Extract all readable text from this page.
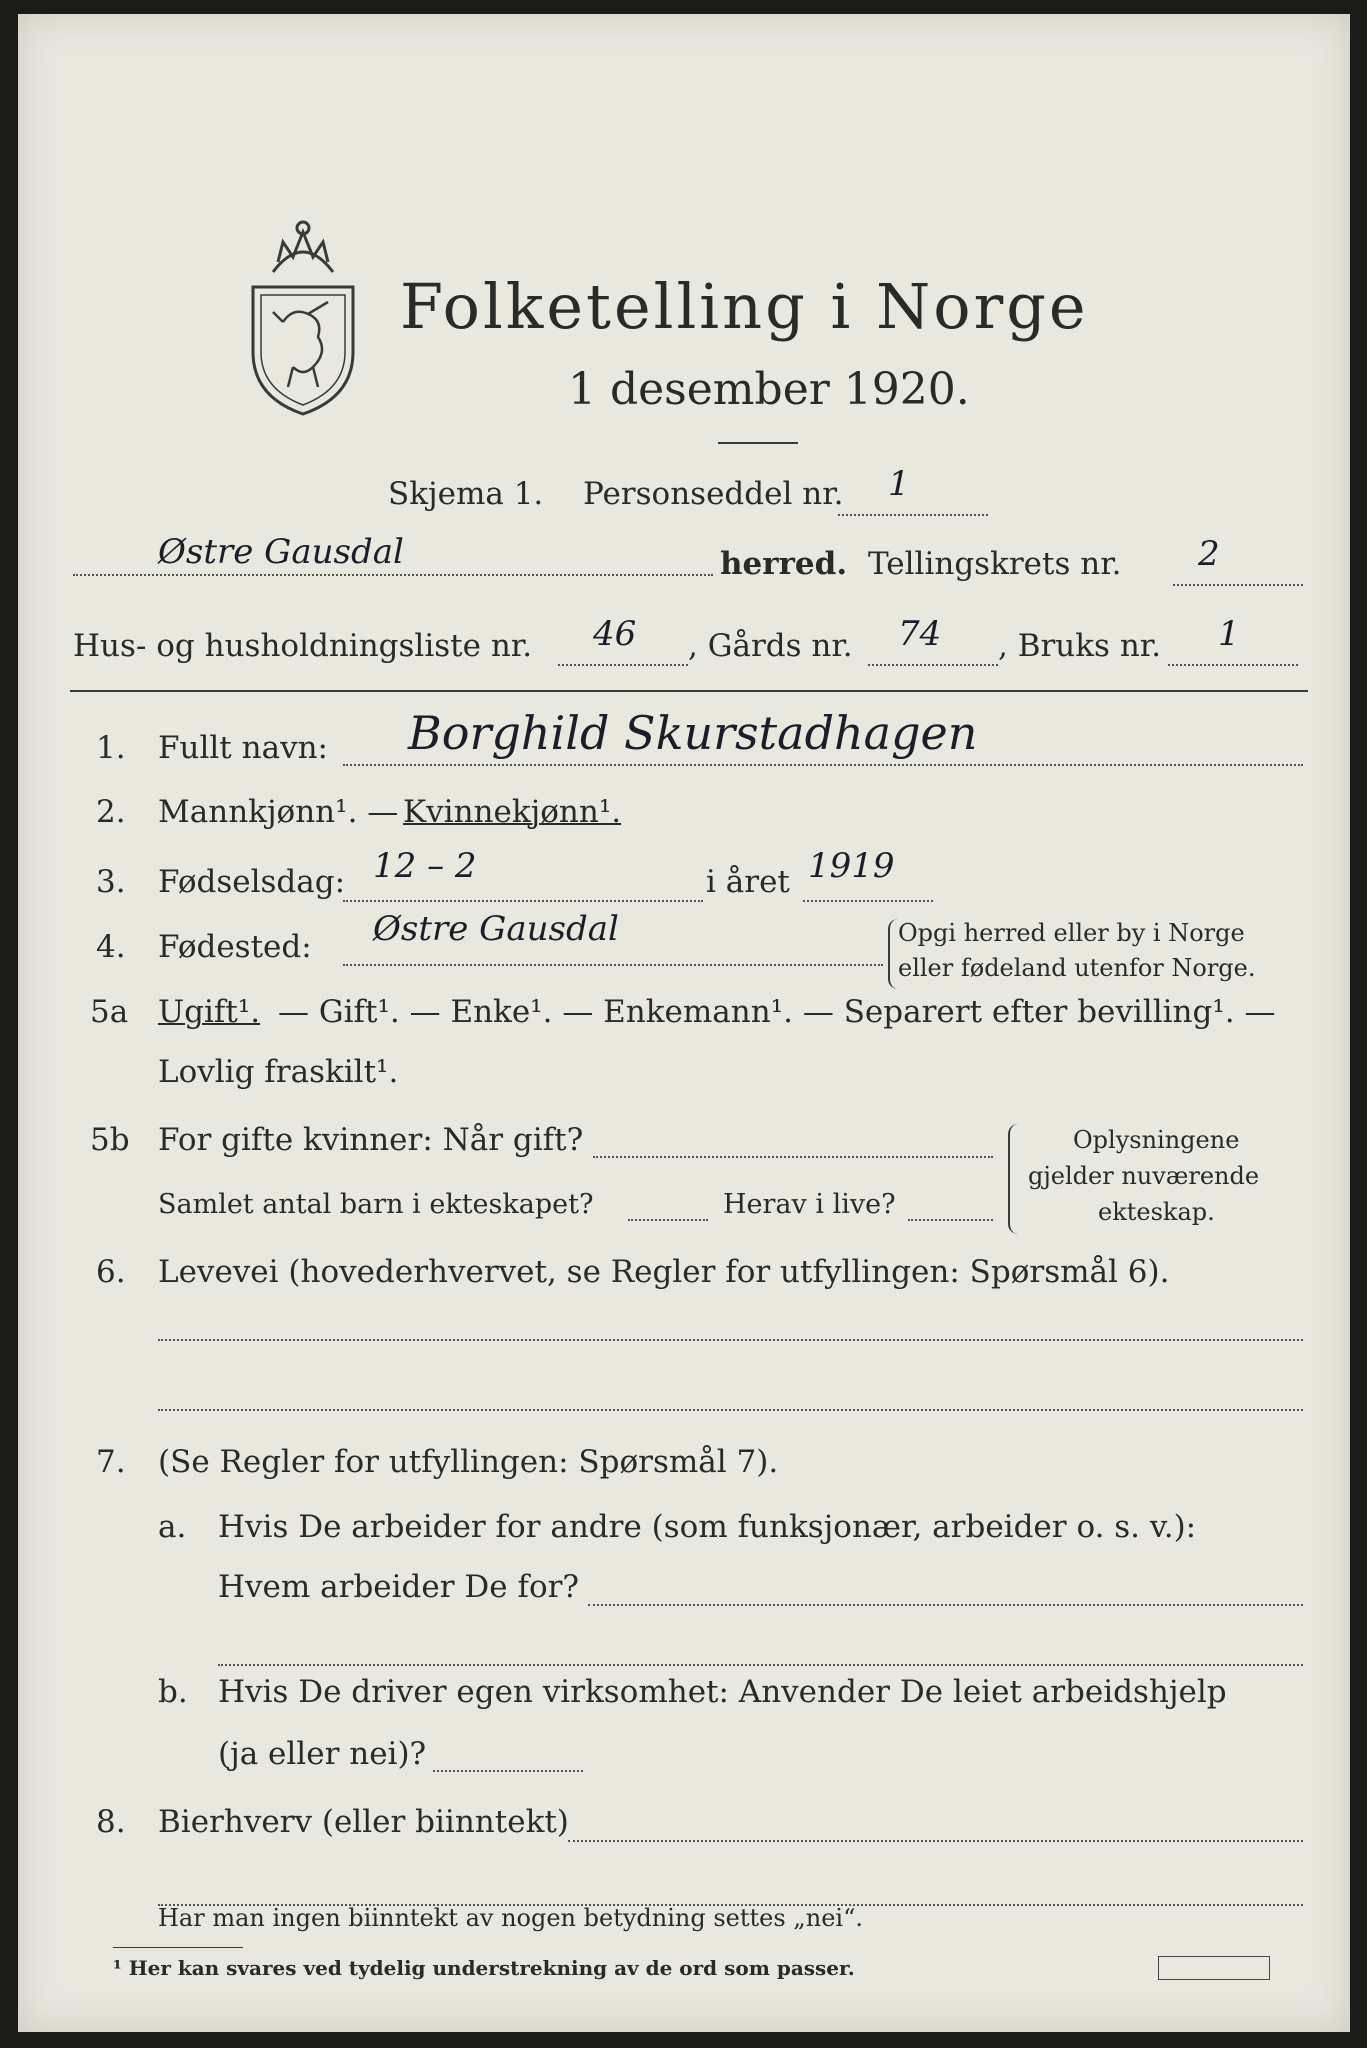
Folketelling i Norge
1 desember 1920.
Skjema 1. Personseddel nr. 1
Østre Gausdal	herred. Tellingskrets nr. 2
Hus- og husholdningsliste nr. 46 , Gårds nr. 74 , Bruks nr. 1
1. Fullt navn: Borghild Skurstadhagen
2. Mannkjønn¹. — Kvinnekjønn¹.
3. Fødselsdag: 12 – 2	i året 1919
4. Fødested: Østre Gausdal	Opgi herred eller by i Norge
eller fødeland utenfor Norge.
5a Ugift¹. — Gift¹. — Enke¹. — Enkemann¹. — Separert efter bevilling¹. —
Lovlig fraskilt¹.
5b For gifte kvinner: Når gift?
Samlet antal barn i ekteskapet?	Herav i live?
Oplysningene
gjelder nuværende
ekteskap.
6. Levevei (hovederhvervet, se Regler for utfyllingen: Spørsmål 6).
7. (Se Regler for utfyllingen: Spørsmål 7).
a. Hvis De arbeider for andre (som funksjonær, arbeider o. s. v.):
Hvem arbeider De for?
b. Hvis De driver egen virksomhet: Anvender De leiet arbeidshjelp
(ja eller nei)?
8. Bierhverv (eller biinntekt)
Har man ingen biinntekt av nogen betydning settes „nei“.
¹ Her kan svares ved tydelig understrekning av de ord som passer.
